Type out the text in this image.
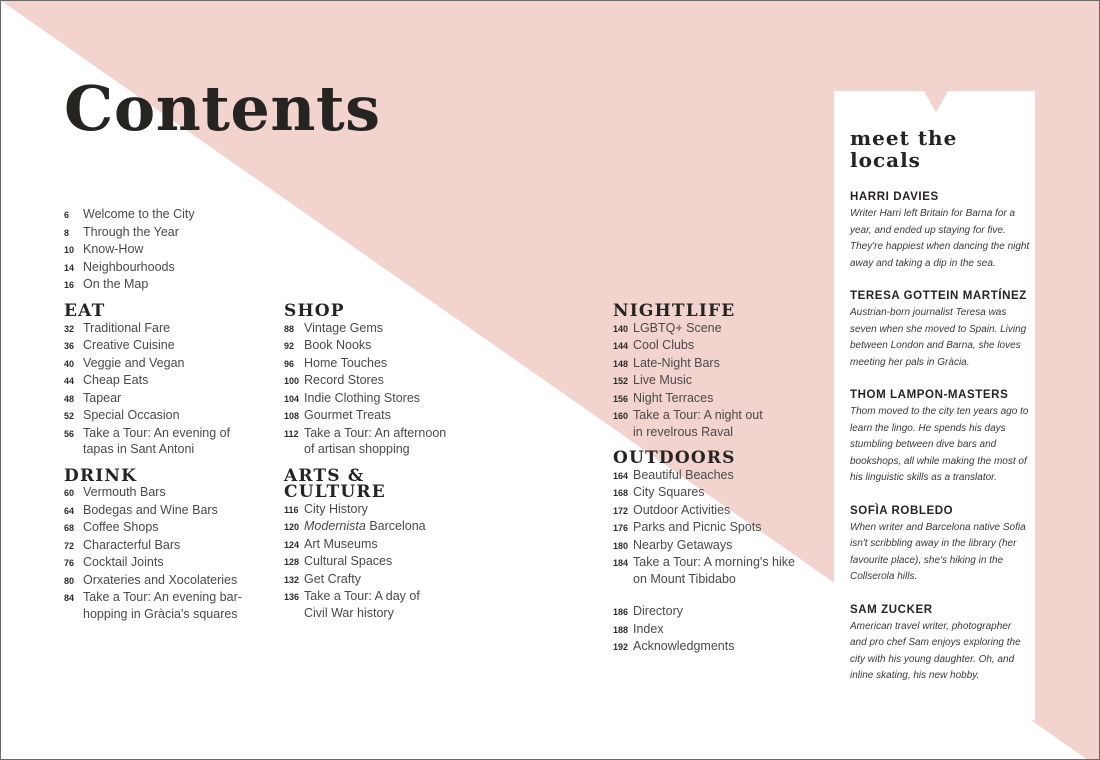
Contents
6	Welcome to the City
8	Through the Year
10 Know-How
14 Neighbourhoods
16 On the Map
EAT
32 Traditional Fare
36 Creative Cuisine
40 Veggie and Vegan
44 Cheap Eats
48 Tapear
52 Special Occasion
56 Take a Tour: An evening of
tapas in Sant Antoni
DRINK
60 Vermouth Bars
64 Bodegas and Wine Bars
68 Coffee Shops
72 Characterful Bars
76 Cocktail Joints
80 Orxateries and Xocolateries
84 Take a Tour: An evening bar-
hopping in Gràcia's squares
SHOP
88 Vintage Gems
92 Book Nooks
96 Home Touches
100 Record Stores
104 Indie Clothing Stores
108 Gourmet Treats
112 Take a Tour: An afternoon
of artisan shopping
ARTS &
CULTURE
116 City History
120 Modernista Barcelona
124 Art Museums
128 Cultural Spaces
132 Get Crafty
136 Take a Tour: A day of
Civil War history
NIGHTLIFE
140 LGBTQ+ Scene
144 Cool Clubs
148 Late-Night Bars
152 Live Music
156 Night Terraces
160 Take a Tour: A night out
in revelrous Raval
OUTDOORS
164 Beautiful Beaches
168 City Squares
172 Outdoor Activities
176 Parks and Picnic Spots
180 Nearby Getaways
184 Take a Tour: A morning's hike
on Mount Tibidabo
186 Directory
188 Index
192 Acknowledgments
meet the
locals
HARRI DAVIES
Writer Harri left Britain for Barna for a year, and ended up staying for five. They're happiest when dancing the night away and taking a dip in the sea.
TERESA GOTTEIN MARTÍNEZ
Austrian-born journalist Teresa was seven when she moved to Spain. Living between London and Barna, she loves meeting her pals in Gràcia.
THOM LAMPON-MASTERS
Thom moved to the city ten years ago to learn the lingo. He spends his days stumbling between dive bars and bookshops, all while making the most of his linguistic skills as a translator.
SOFÌA ROBLEDO
When writer and Barcelona native Sofia isn't scribbling away in the library (her favourite place), she's hiking in the Collserola hills.
SAM ZUCKER
American travel writer, photographer and pro chef Sam enjoys exploring the city with his young daughter. Oh, and inline skating, his new hobby.
